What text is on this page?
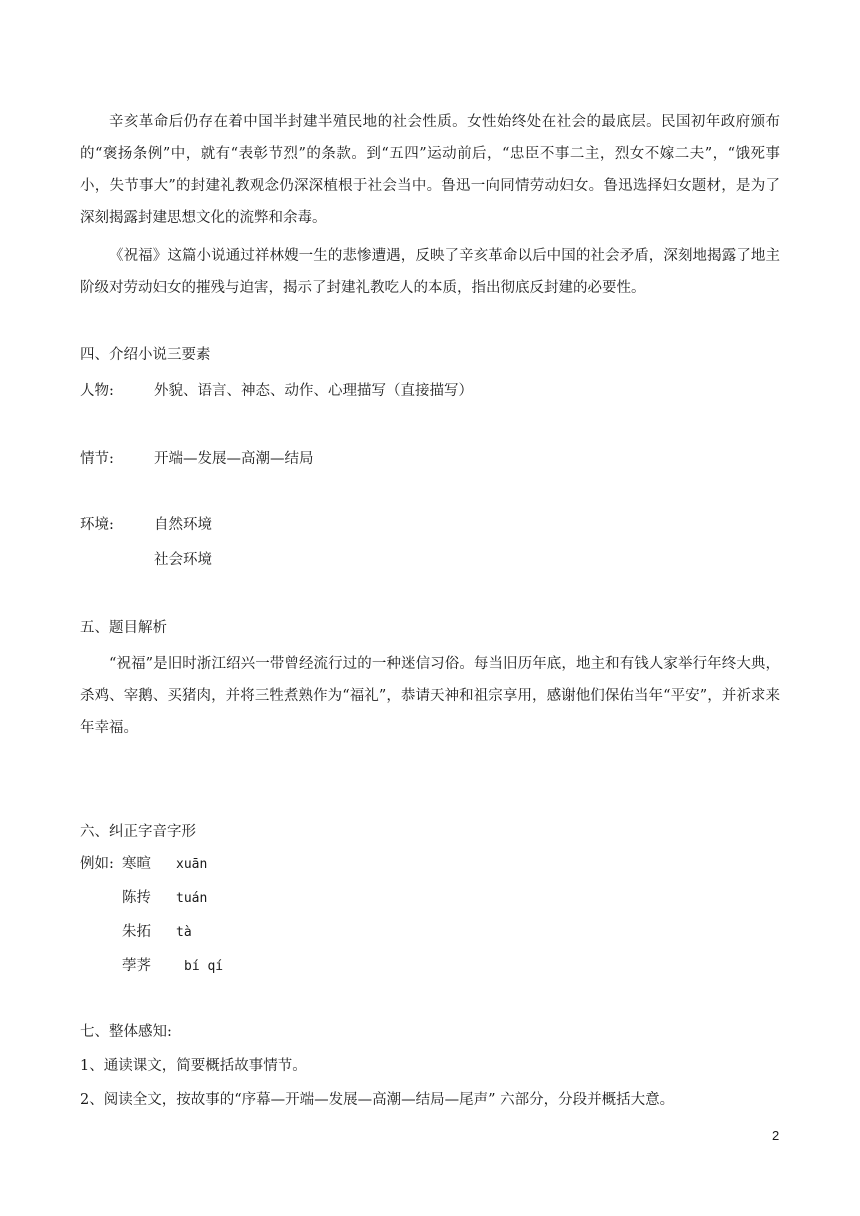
辛亥革命后仍存在着中国半封建半殖民地的社会性质。女性始终处在社会的最底层。民国初年政府颁布的“褒扬条例”中，就有“表彰节烈”的条款。到“五四”运动前后，“忠臣不事二主，烈女不嫁二夫”，“饿死事小，失节事大”的封建礼教观念仍深深植根于社会当中。鲁迅一向同情劳动妇女。鲁迅选择妇女题材，是为了深刻揭露封建思想文化的流弊和余毒。

《祝福》这篇小说通过祥林嫂一生的悲惨遭遇，反映了辛亥革命以后中国的社会矛盾，深刻地揭露了地主阶级对劳动妇女的摧残与迫害，揭示了封建礼教吃人的本质，指出彻底反封建的必要性。

四、介绍小说三要素
人物:	外貌、语言、神态、动作、心理描写（直接描写）
情节:	开端—发展—高潮—结局
环境:	自然环境
社会环境
五、题目解析

“祝福”是旧时浙江绍兴一带曾经流行过的一种迷信习俗。每当旧历年底，地主和有钱人家举行年终大典，杀鸡、宰鹅、买猪肉，并将三牲煮熟作为“福礼”，恭请天神和祖宗享用，感谢他们保佑当年“平安”，并祈求来年幸福。

六、纠正字音字形
例如: 寒暄 xuān
陈抟 tuán
朱拓 tà
荸荠	bí qí
七、整体感知:
1、通读课文，简要概括故事情节。
2、阅读全文，按故事的“序幕—开端—发展—高潮—结局—尾声” 六部分，分段并概括大意。
2
